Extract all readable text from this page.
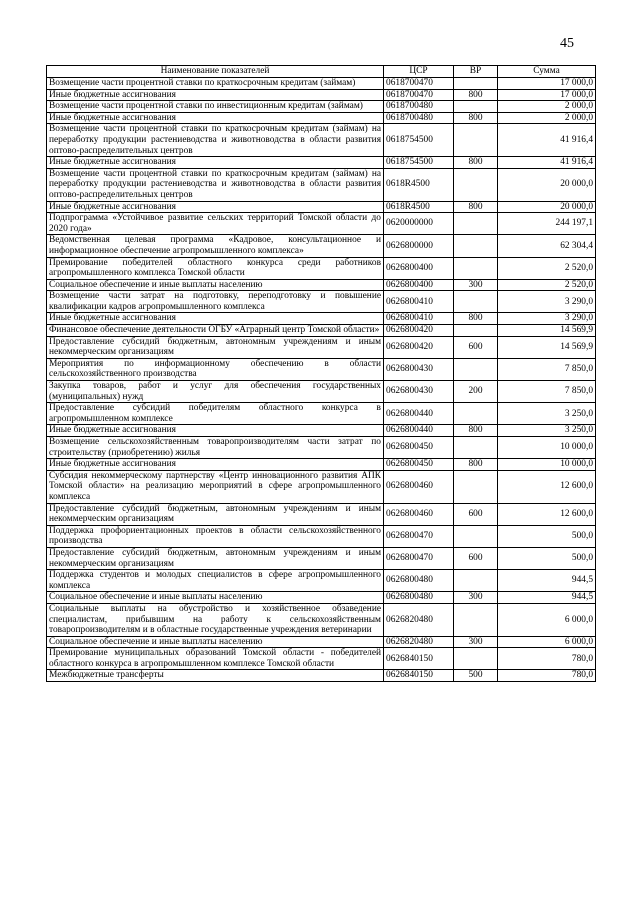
45
Наименование показателей	ЦСР	ВР	Сумма
Возмещение части процентной ставки по краткосрочным кредитам (займам)	0618700470		17 000,0
Иные бюджетные ассигнования	0618700470	800	17 000,0
Возмещение части процентной ставки по инвестиционным кредитам (займам)	0618700480		2 000,0
Иные бюджетные ассигнования	0618700480	800	2 000,0
Возмещение части процентной ставки по краткосрочным кредитам (займам) на переработку продукции растениеводства и животноводства в области развития оптово-распределительных центров	0618754500		41 916,4
Иные бюджетные ассигнования	0618754500	800	41 916,4
Возмещение части процентной ставки по краткосрочным кредитам (займам) на переработку продукции растениеводства и животноводства в области развития оптово-распределительных центров	0618R4500		20 000,0
Иные бюджетные ассигнования	0618R4500	800	20 000,0
Подпрограмма «Устойчивое развитие сельских территорий Томской области до 2020 года»	0620000000		244 197,1
Ведомственная целевая программа «Кадровое, консультационное и информационное обеспечение агропромышленного комплекса»	0626800000		62 304,4
Премирование победителей областного конкурса среди работников агропромышленного комплекса Томской области	0626800400		2 520,0
Социальное обеспечение и иные выплаты населению	0626800400	300	2 520,0
Возмещение части затрат на подготовку, переподготовку и повышение квалификации кадров агропромышленного комплекса	0626800410		3 290,0
Иные бюджетные ассигнования	0626800410	800	3 290,0
Финансовое обеспечение деятельности ОГБУ «Аграрный центр Томской области»	0626800420		14 569,9
Предоставление субсидий бюджетным, автономным учреждениям и иным некоммерческим организациям	0626800420	600	14 569,9
Мероприятия по информационному обеспечению в области сельскохозяйственного производства	0626800430		7 850,0
Закупка товаров, работ и услуг для обеспечения государственных (муниципальных) нужд	0626800430	200	7 850,0
Предоставление субсидий победителям областного конкурса в агропромышленном комплексе	0626800440		3 250,0
Иные бюджетные ассигнования	0626800440	800	3 250,0
Возмещение сельскохозяйственным товаропроизводителям части затрат по строительству (приобретению) жилья	0626800450		10 000,0
Иные бюджетные ассигнования	0626800450	800	10 000,0
Субсидия некоммерческому партнерству «Центр инновационного развития АПК Томской области» на реализацию мероприятий в сфере агропромышленного комплекса	0626800460		12 600,0
Предоставление субсидий бюджетным, автономным учреждениям и иным некоммерческим организациям	0626800460	600	12 600,0
Поддержка профориентационных проектов в области сельскохозяйственного производства	0626800470		500,0
Предоставление субсидий бюджетным, автономным учреждениям и иным некоммерческим организациям	0626800470	600	500,0
Поддержка студентов и молодых специалистов в сфере агропромышленного комплекса	0626800480		944,5
Социальное обеспечение и иные выплаты населению	0626800480	300	944,5
Социальные выплаты на обустройство и хозяйственное обзаведение специалистам, прибывшим на работу к сельскохозяйственным товаропроизводителям и в областные государственные учреждения ветеринарии	0626820480		6 000,0
Социальное обеспечение и иные выплаты населению	0626820480	300	6 000,0
Премирование муниципальных образований Томской области - победителей областного конкурса в агропромышленном комплексе Томской области	0626840150		780,0
Межбюджетные трансферты	0626840150	500	780,0
